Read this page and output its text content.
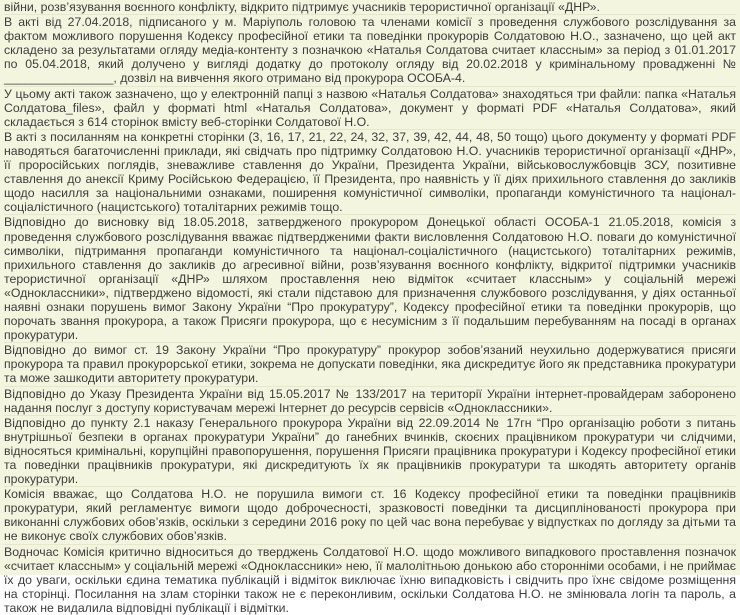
війни, розв’язування воєнного конфлікту, відкрито підтримує учасників терористичної організації «ДНР».

В акті від 27.04.2018, підписаного у м. Маріуполь головою та членами комісії з проведення службового розслідування за фактом можливого порушення Кодексу професійної етики та поведінки прокурорів Солдатовою Н.О., зазначено, що цей акт складено за результатами огляду медіа-контенту з позначкою «Наталья Солдатова считает классным» за період з 01.01.2017 по 05.04.2018, який долучено у вигляді додатку до протоколу огляду від 20.02.2018 у кримінальному провадженні № ________________, дозвіл на вивчення якого отримано від прокурора ОСОБА-4.

У цьому акті також зазначено, що у електронній папці з назвою «Наталья Солдатова» знаходяться три файли: папка «Наталья Солдатова_files», файл у форматі html «Наталья Солдатова», документ у форматі PDF «Наталья Солдатова», який складається з 614 сторінок вмісту веб-сторінки Солдатової Н.О.

В акті з посиланням на конкретні сторінки (3, 16, 17, 21, 22, 24, 32, 37, 39, 42, 44, 48, 50 тощо) цього документу у форматі PDF наводяться багаточисленні приклади, які свідчать про підтримку Солдатовою Н.О. учасників терористичної організації «ДНР», її проросійських поглядів, зневажливе ставлення до України, Президента України, військовослужбовців ЗСУ, позитивне ставлення до анексії Криму Російською Федерацією, її Президента, про наявність у її діях прихильного ставлення до закликів щодо насилля за національними ознаками, поширення комуністичної символіки, пропаганди комуністичного та націонал-соціалістичного (нацистського) тоталітарних режимів тощо.

Відповідно до висновку від 18.05.2018, затвердженого прокурором Донецької області ОСОБА-1 21.05.2018, комісія з проведення службового розслідування вважає підтвердженими факти висловлення Солдатовою Н.О. поваги до комуністичної символіки, підтримання пропаганди комуністичного та націонал-соціалістичного (нацистського) тоталітарних режимів, прихильного ставлення до закликів до агресивної війни, розв’язування воєнного конфлікту, відкритої підтримки учасників терористичної організації «ДНР» шляхом проставлення нею відміток «считает классным» у соціальній мережі «Одноклассники», підтверджено відомості, які стали підставою для призначення службового розслідування, у діях останньої наявні ознаки порушень вимог Закону України “Про прокуратуру”, Кодексу професійної етики та поведінки прокурорів, що порочать звання прокурора, а також Присяги прокурора, що є несумісним з її подальшим перебуванням на посаді в органах прокуратури.

Відповідно до вимог ст. 19 Закону України “Про прокуратуру” прокурор зобов’язаний неухильно додержуватися присяги прокурора та правил прокурорської етики, зокрема не допускати поведінки, яка дискредитує його як представника прокуратури та може зашкодити авторитету прокуратури.

Відповідно до Указу Президента України від 15.05.2017 № 133/2017 на території України інтернет-провайдерам заборонено надання послуг з доступу користувачам мережі Інтернет до ресурсів сервісів «Одноклассники».

Відповідно до пункту 2.1 наказу Генерального прокурора України від 22.09.2014 № 17гн “Про організацію роботи з питань внутрішньої безпеки в органах прокуратури України” до ганебних вчинків, скоєних працівником прокуратури чи слідчими, відносяться кримінальні, корупційні правопорушення, порушення Присяги працівника прокуратури і Кодексу професійної етики та поведінки працівників прокуратури, які дискредитують їх як працівників прокуратури та шкодять авторитету органів прокуратури.

Комісія вважає, що Солдатова Н.О. не порушила вимоги ст. 16 Кодексу професійної етики та поведінки працівників прокуратури, який регламентує вимоги щодо доброчесності, зразковості поведінки та дисциплінованості прокурора при виконанні службових обов’язків, оскільки з середини 2016 року по цей час вона перебуває у відпустках по догляду за дітьми та не виконує своїх службових обов’язків.

Водночас Комісія критично відноситься до тверджень Солдатової Н.О. щодо можливого випадкового проставлення позначок «считает классным» у соціальній мережі «Одноклассники» нею, її малолітньою донькою або сторонніми особами, і не приймає їх до уваги, оскільки єдина тематика публікацій і відміток виключає їхню випадковість і свідчить про їхнє свідоме розміщення на сторінці. Посилання на злам сторінки також не є переконливим, оскільки Солдатова Н.О. не змінювала логін та пароль, а також не видалила відповідні публікації і відмітки.
